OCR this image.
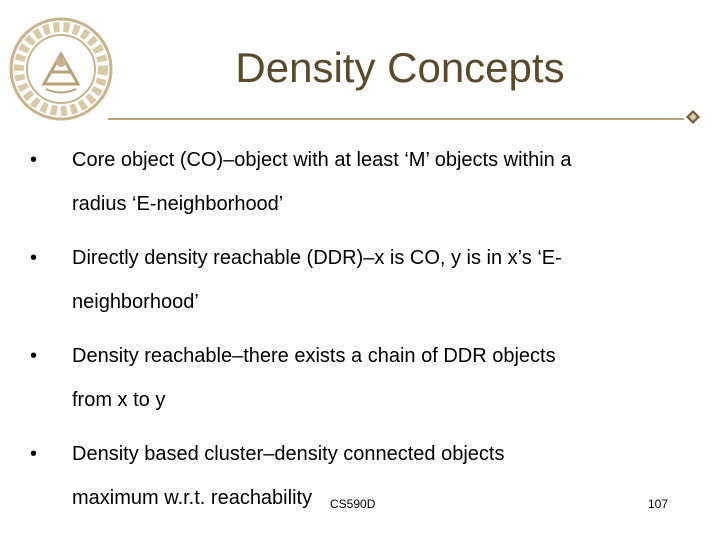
Density Concepts
• Core object (CO)–object with at least ‘M’ objects within a
radius ‘E-neighborhood’
• Directly density reachable (DDR)–x is CO, y is in x’s ‘E-
neighborhood’
• Density reachable–there exists a chain of DDR objects
from x to y
• Density based cluster–density connected objects
maximum w.r.t. reachability	CS590D	107
